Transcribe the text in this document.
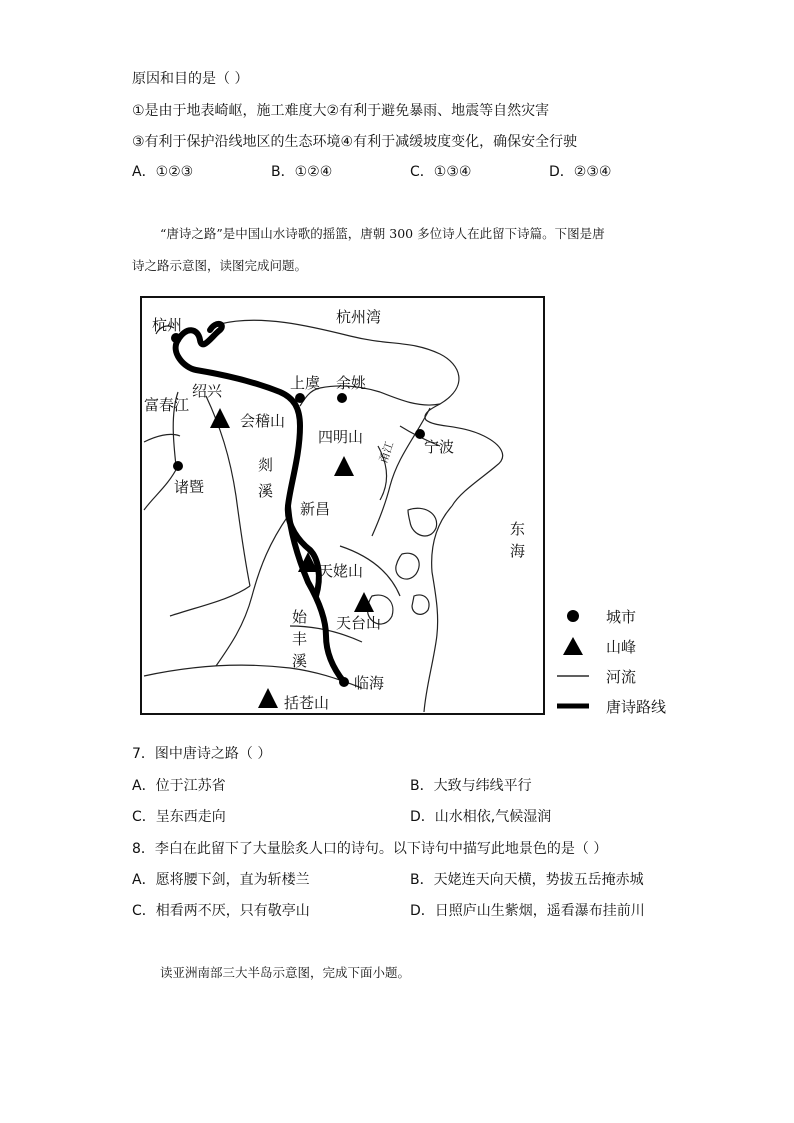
原因和目的是（ ）
①是由于地表崎岖，施工难度大②有利于避免暴雨、地震等自然灾害
③有利于保护沿线地区的生态环境④有利于减缓坡度变化，确保安全行驶
A．①②③	B．①②④	C．①③④	D．②③④
“唐诗之路”是中国山水诗歌的摇篮，唐朝 300 多位诗人在此留下诗篇。下图是唐
诗之路示意图，读图完成问题。
杭州	杭州湾
绍兴	上虞 余姚
富春江
会稽山
四明山
宁波
甬江
诸暨
剡
溪
新昌
东
海
天姥山
天台山
始
丰
溪
临海
括苍山
城市
山峰
河流
唐诗路线
7．图中唐诗之路（ ）
A．位于江苏省	B．大致与纬线平行
C．呈东西走向	D．山水相依,气候湿润
8．李白在此留下了大量脍炙人口的诗句。以下诗句中描写此地景色的是（ ）
A．愿将腰下剑，直为斩楼兰	B．天姥连天向天横，势拔五岳掩赤城
C．相看两不厌，只有敬亭山	D．日照庐山生紫烟，遥看瀑布挂前川
读亚洲南部三大半岛示意图，完成下面小题。
